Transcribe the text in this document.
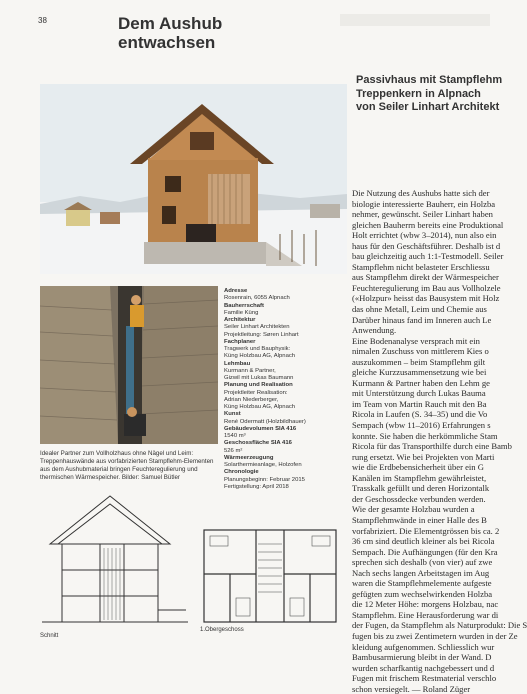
38	Dem Aushub
entwachsen
Idealer Partner zum Vollholzhaus ohne Nägel und Leim: Treppenhauswände aus vorfabrizierten Stampflehm-Elementen aus dem Aushubmaterial bringen Feuchteregulierung und thermischen Wärmespeicher. Bilder: Samuel Bütler
Adresse
Rosenrain, 6055 Alpnach
Bauherrschaft
Familie Küng
Architektur
Seiler Linhart Architekten
Projektleitung: Søren Linhart
Fachplaner
Tragwerk und Bauphysik:
Küng Holzbau AG, Alpnach
Lehmbau
Kurmann & Partner,
Gizwil mit Lukas Baumann
Planung und Realisation
Projektleiter Realisation:
Adrian Niederberger,
Küng Holzbau AG, Alpnach
Kunst
René Odermatt (Holzbildhauer)
Gebäudevolumen SIA 416
1540 m³
Geschossfläche SIA 416
526 m²
Wärmeerzeugung
Solarthermieanlage, Holzofen
Chronologie
Planungsbeginn: Februar 2015
Fertigstellung: April 2018
Passivhaus mit Stampflehm
Treppenkern in Alpnach
von Seiler Linhart Architekt
Die Nutzung des Aushubs hatte sich der
biologie interessierte Bauherr, ein Holzba
nehmer, gewünscht. Seiler Linhart haben
gleichen Bauherrn bereits eine Produktional
Holt errichtet (wbw 3–2014), nun also ein
haus für den Geschäftsführer. Deshalb ist d
bau gleichzeitig auch 1:1-Testmodell. Seiler
Stampflehm nicht belasteter Erschliessu
aus Stampflehm direkt der Wärmespeicher
Feuchteregulierung im Bau aus Vollholzele
(«Holzpur» heisst das Bausystem mit Holz
das ohne Metall, Leim und Chemie aus
Darüber hinaus fand im Inneren auch Le
Anwendung.
Eine Bodenanalyse versprach mit ein
nimalen Zuschuss von mittlerem Kies o
auszukommen – beim Stampflehm gilt
gleiche Kurzzusammensetzung wie bei
Kurmann & Partner haben den Lehm ge
mit Unterstützung durch Lukas Bauma
im Team von Martin Rauch mit den Ba
Ricola in Laufen (S. 34–35) und die Vo
Sempach (wbw 11–2016) Erfahrungen s
konnte. Sie haben die herkömmliche Stam
Ricola für das Transporthilfe durch eine Bamb
rung ersetzt. Wie bei Projekten von Marti
wie die Erdbebensicherheit über ein G
Kanälen im Stampflehm gewährleistet,
Trasskalk gefüllt und deren Horizontalk
der Geschossdecke verbunden werden.
Wie der gesamte Holzbau wurden a
Stampflehmwände in einer Halle des B
vorfabriziert. Die Elementgrössen bis ca. 2
36 cm sind deutlich kleiner als bei Ricola
Sempach. Die Aufhängungen (für den Kra
sprechen sich deshalb (von vier) auf zwe
Nach sechs langen Arbeitstagen im Aug
waren die Stampflehmelemente aufgeste
gefügten zum wechselwirkenden Holzba
die 12 Meter Höhe: morgens Holzbau, nac
Stampflehm. Eine Herausforderung war di
der Fugen, da Stampflehm als Naturprodukt: Die S
fugen bis zu zwei Zentimetern wurden in der Ze
kleidung aufgenommen. Schliesslich wur
Bambusarmierung bleibt in der Wand. D
wurden scharfkantig nachgebessert und d
Fugen mit frischem Restmaterial verschlo
schon versiegelt. — Roland Züger
Schnitt
1.Obergeschoss
